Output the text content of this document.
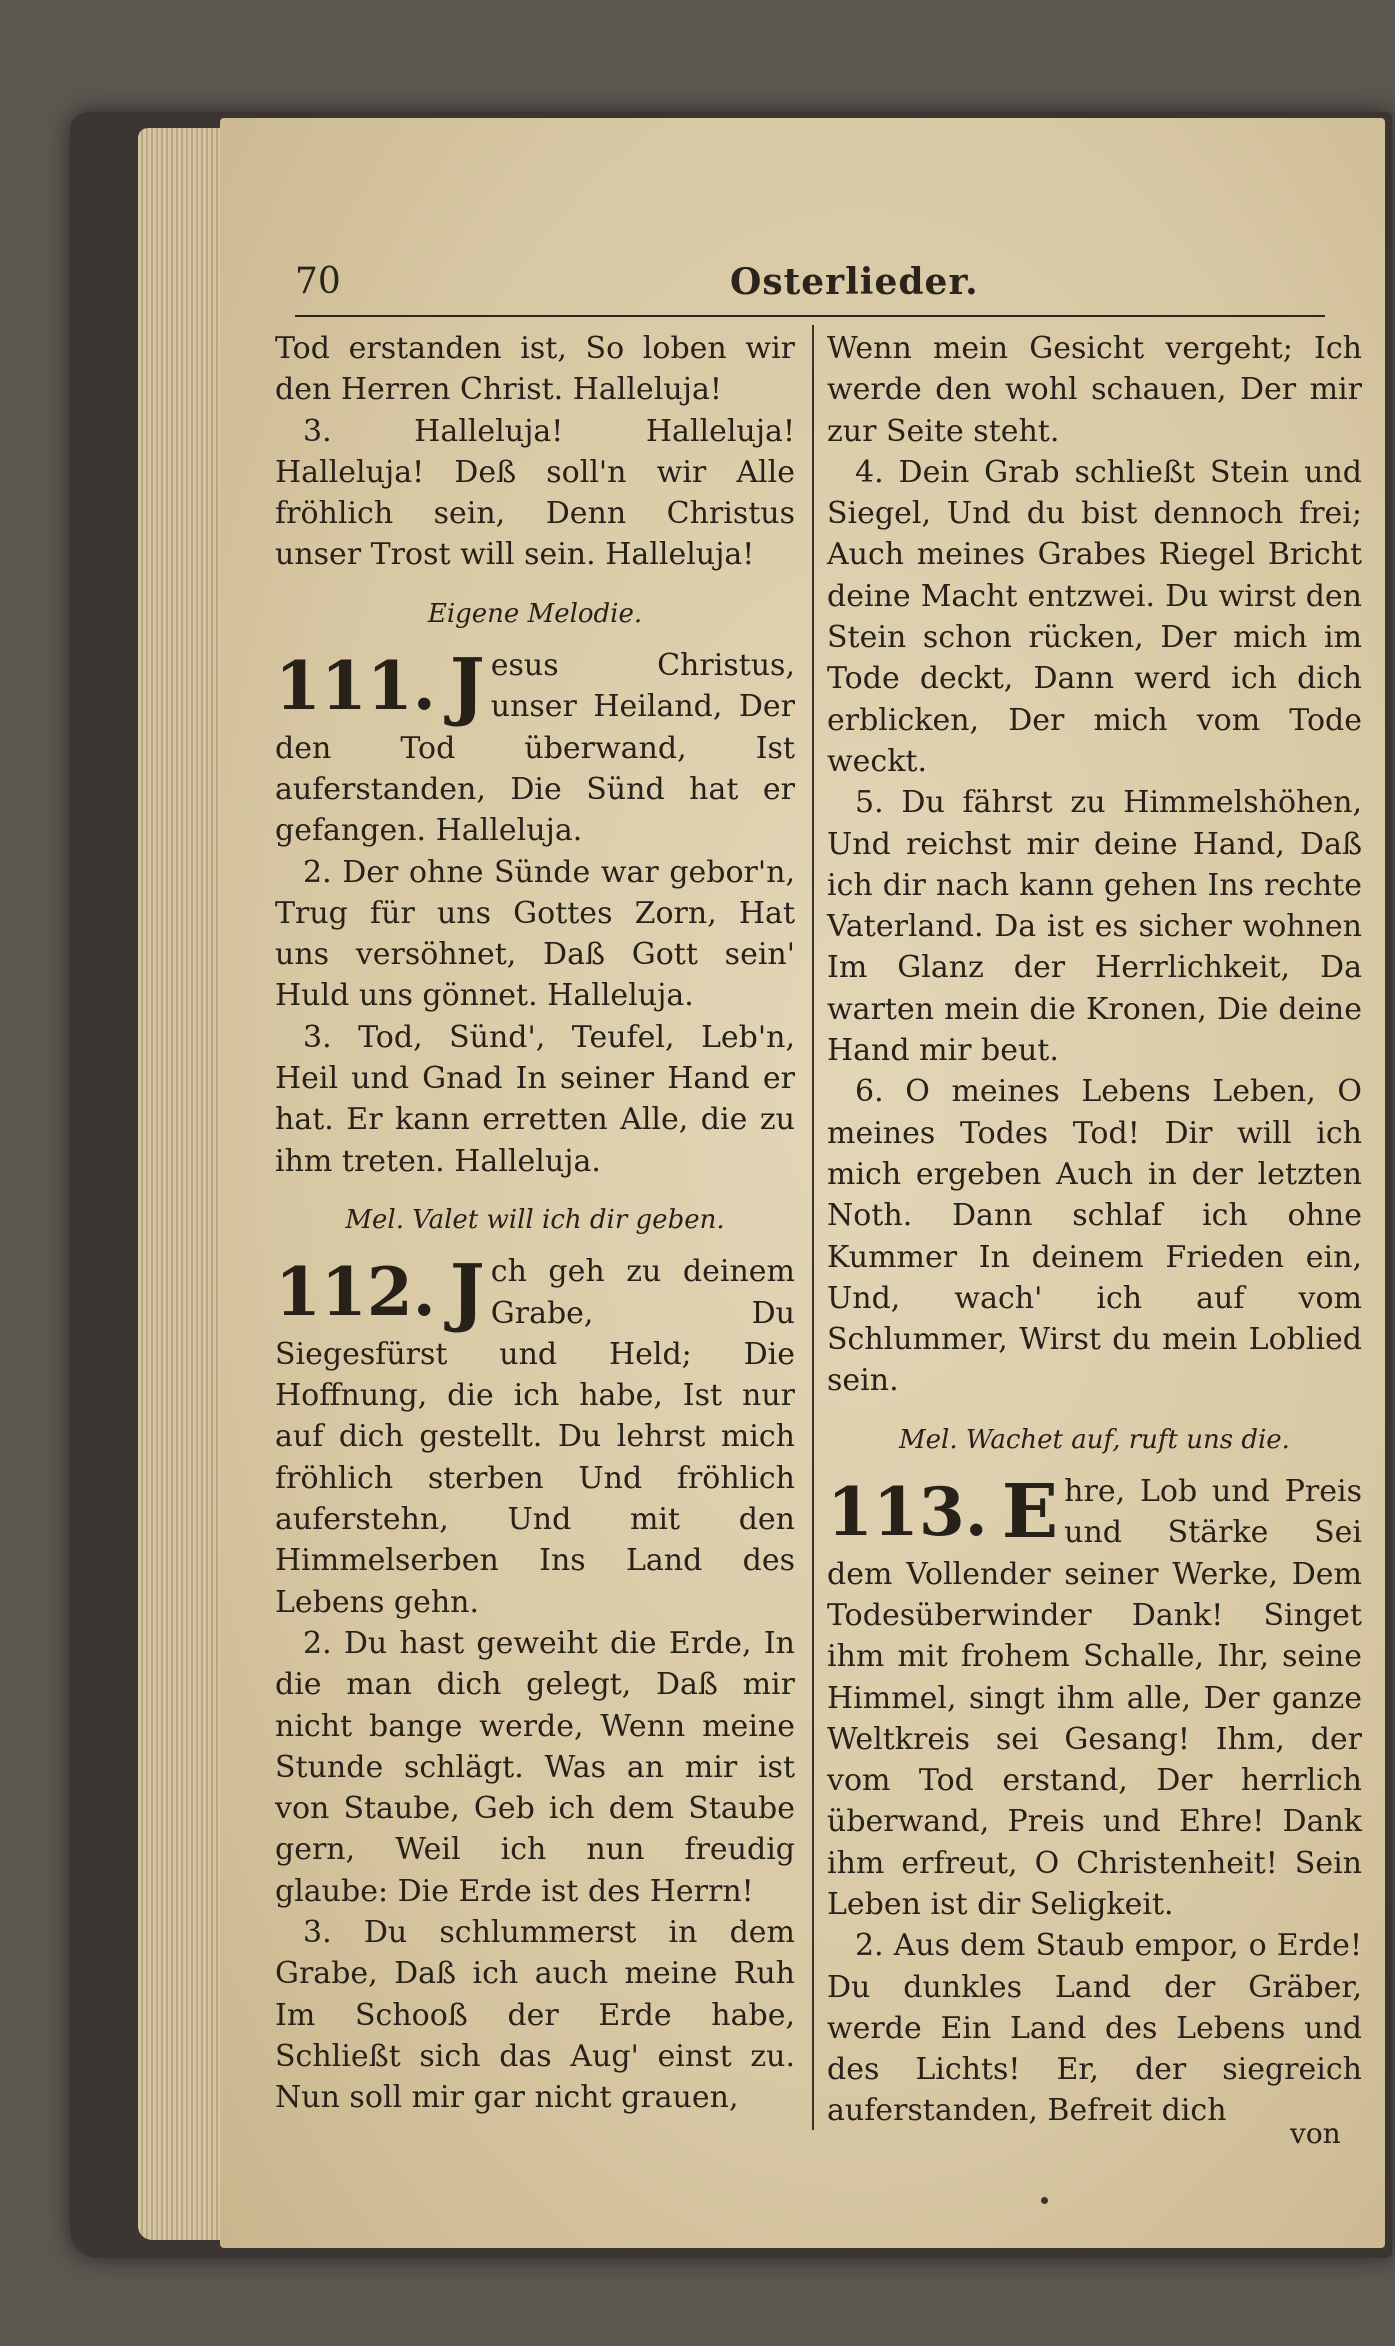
70	Osterlieder.

Tod erstanden ist, So loben wir den Herren Christ. Halleluja!

3. Halleluja! Halleluja! Halleluja! Deß soll'n wir Alle fröhlich sein, Denn Christus unser Trost will sein. Halleluja!

Eigene Melodie.
111. J esus Christus, unser Heiland, Der den Tod überwand, Ist auferstanden, Die Sünd hat er gefangen. Halleluja.

2. Der ohne Sünde war gebor'n, Trug für uns Gottes Zorn, Hat uns versöhnet, Daß Gott sein' Huld uns gönnet. Halleluja.

3. Tod, Sünd', Teufel, Leb'n, Heil und Gnad In seiner Hand er hat. Er kann erretten Alle, die zu ihm treten. Halleluja.

Mel. Valet will ich dir geben.
112. J ch geh zu deinem Grabe, Du Siegesfürst und Held; Die Hoffnung, die ich habe, Ist nur auf dich gestellt. Du lehrst mich fröhlich sterben Und fröhlich auferstehn, Und mit den Himmelserben Ins Land des Lebens gehn.

2. Du hast geweiht die Erde, In die man dich gelegt, Daß mir nicht bange werde, Wenn meine Stunde schlägt. Was an mir ist von Staube, Geb ich dem Staube gern, Weil ich nun freudig glaube: Die Erde ist des Herrn!

3. Du schlummerst in dem Grabe, Daß ich auch meine Ruh Im Schooß der Erde habe, Schließt sich das Aug' einst zu. Nun soll mir gar nicht grauen,

Wenn mein Gesicht vergeht; Ich werde den wohl schauen, Der mir zur Seite steht.

4. Dein Grab schließt Stein und Siegel, Und du bist dennoch frei; Auch meines Grabes Riegel Bricht deine Macht entzwei. Du wirst den Stein schon rücken, Der mich im Tode deckt, Dann werd ich dich erblicken, Der mich vom Tode weckt.

5. Du fährst zu Himmelshöhen, Und reichst mir deine Hand, Daß ich dir nach kann gehen Ins rechte Vaterland. Da ist es sicher wohnen Im Glanz der Herrlichkeit, Da warten mein die Kronen, Die deine Hand mir beut.

6. O meines Lebens Leben, O meines Todes Tod! Dir will ich mich ergeben Auch in der letzten Noth. Dann schlaf ich ohne Kummer In deinem Frieden ein, Und, wach' ich auf vom Schlummer, Wirst du mein Loblied sein.

Mel. Wachet auf, ruft uns die.
113. E hre, Lob und Preis und Stärke Sei dem Vollender seiner Werke, Dem Todesüberwinder Dank! Singet ihm mit frohem Schalle, Ihr, seine Himmel, singt ihm alle, Der ganze Weltkreis sei Gesang! Ihm, der vom Tod erstand, Der herrlich überwand, Preis und Ehre! Dank ihm erfreut, O Christenheit! Sein Leben ist dir Seligkeit.

2. Aus dem Staub empor, o Erde! Du dunkles Land der Gräber, werde Ein Land des Lebens und des Lichts! Er, der siegreich auferstanden, Befreit dich

von
